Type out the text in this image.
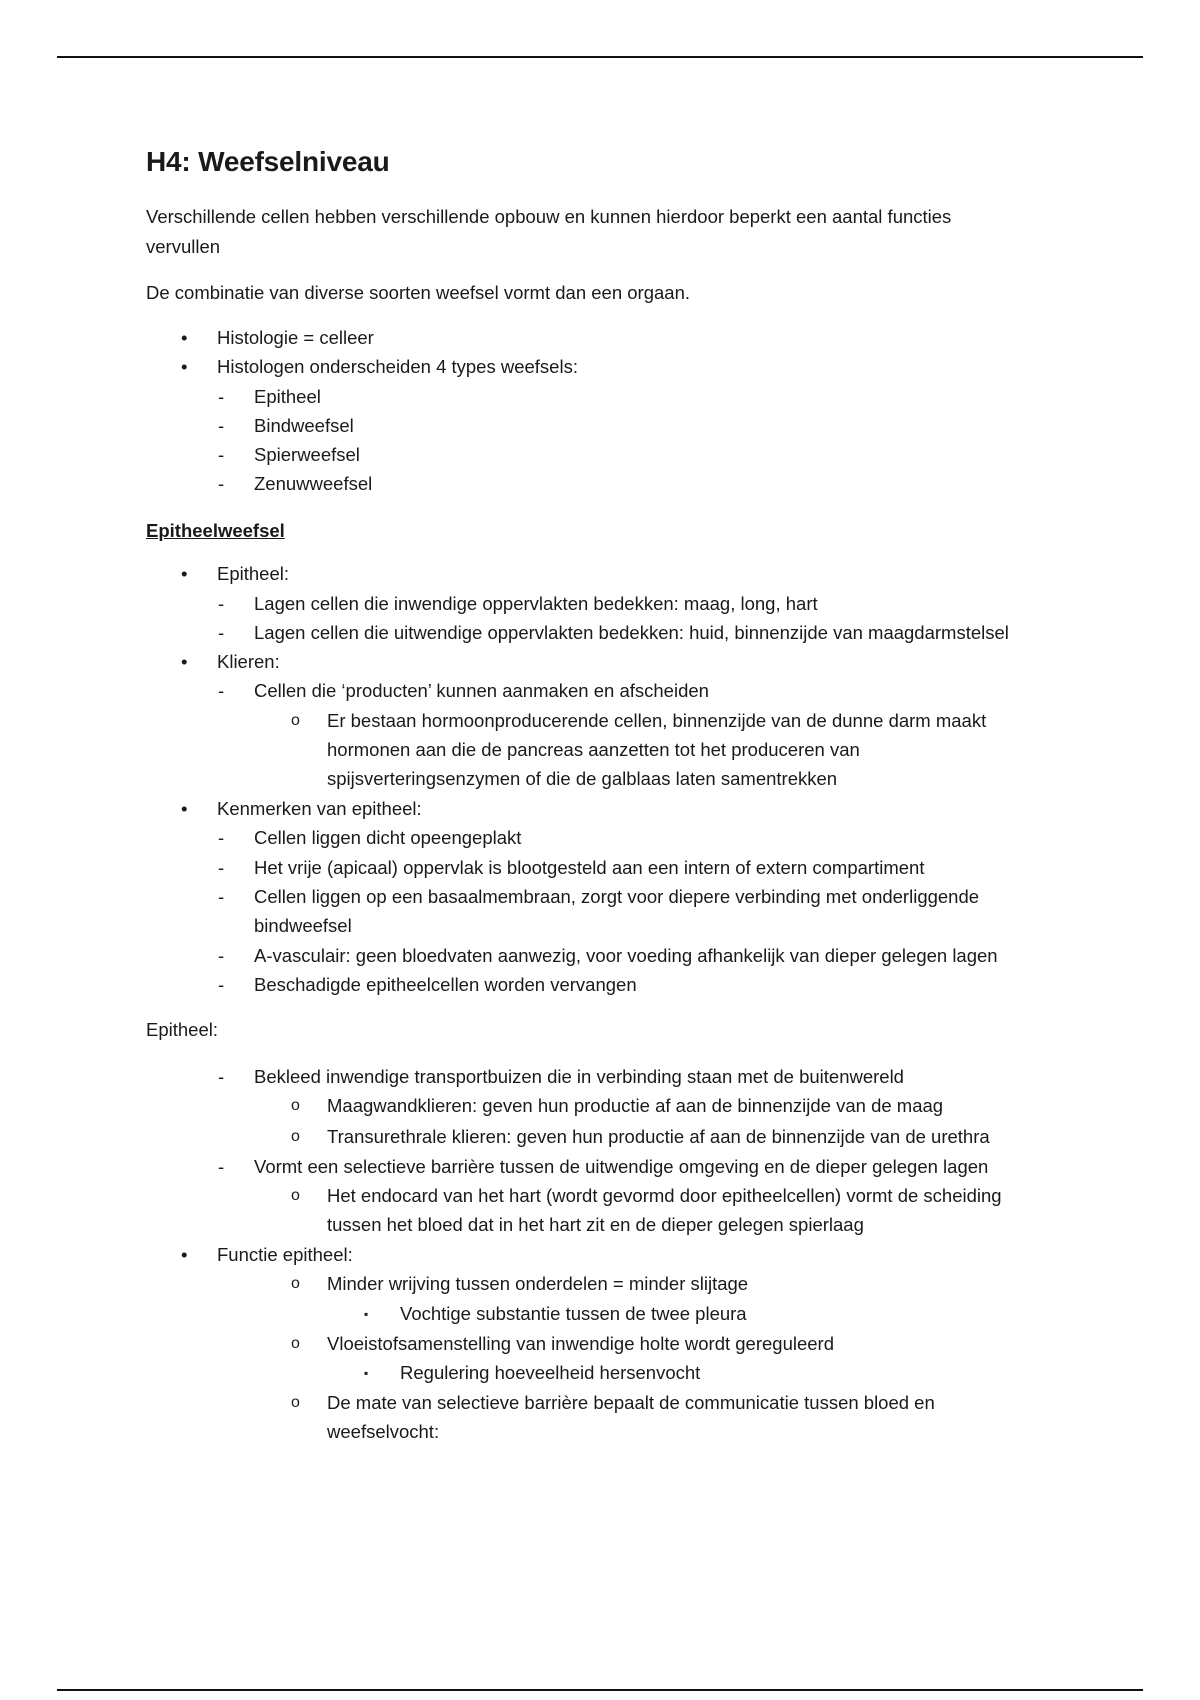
H4: Weefselniveau
Verschillende cellen hebben verschillende opbouw en kunnen hierdoor beperkt een aantal functies
vervullen
De combinatie van diverse soorten weefsel vormt dan een orgaan.
• Histologie = celleer
• Histologen onderscheiden 4 types weefsels:
- Epitheel
- Bindweefsel
- Spierweefsel
- Zenuwweefsel
Epitheelweefsel
• Epitheel:
- Lagen cellen die inwendige oppervlakten bedekken: maag, long, hart
- Lagen cellen die uitwendige oppervlakten bedekken: huid, binnenzijde van maagdarmstelsel
• Klieren:
- Cellen die ‘producten’ kunnen aanmaken en afscheiden
o Er bestaan hormoonproducerende cellen, binnenzijde van de dunne darm maakt
hormonen aan die de pancreas aanzetten tot het produceren van
spijsverteringsenzymen of die de galblaas laten samentrekken
• Kenmerken van epitheel:
- Cellen liggen dicht opeengeplakt
- Het vrije (apicaal) oppervlak is blootgesteld aan een intern of extern compartiment
- Cellen liggen op een basaalmembraan, zorgt voor diepere verbinding met onderliggende
bindweefsel
- A-vasculair: geen bloedvaten aanwezig, voor voeding afhankelijk van dieper gelegen lagen
- Beschadigde epitheelcellen worden vervangen
Epitheel:
- Bekleed inwendige transportbuizen die in verbinding staan met de buitenwereld
o Maagwandklieren: geven hun productie af aan de binnenzijde van de maag
o Transurethrale klieren: geven hun productie af aan de binnenzijde van de urethra
- Vormt een selectieve barrière tussen de uitwendige omgeving en de dieper gelegen lagen
o Het endocard van het hart (wordt gevormd door epitheelcellen) vormt de scheiding
tussen het bloed dat in het hart zit en de dieper gelegen spierlaag
• Functie epitheel:
o Minder wrijving tussen onderdelen = minder slijtage
▪ Vochtige substantie tussen de twee pleura
o Vloeistofsamenstelling van inwendige holte wordt gereguleerd
▪ Regulering hoeveelheid hersenvocht
o De mate van selectieve barrière bepaalt de communicatie tussen bloed en
weefselvocht:
